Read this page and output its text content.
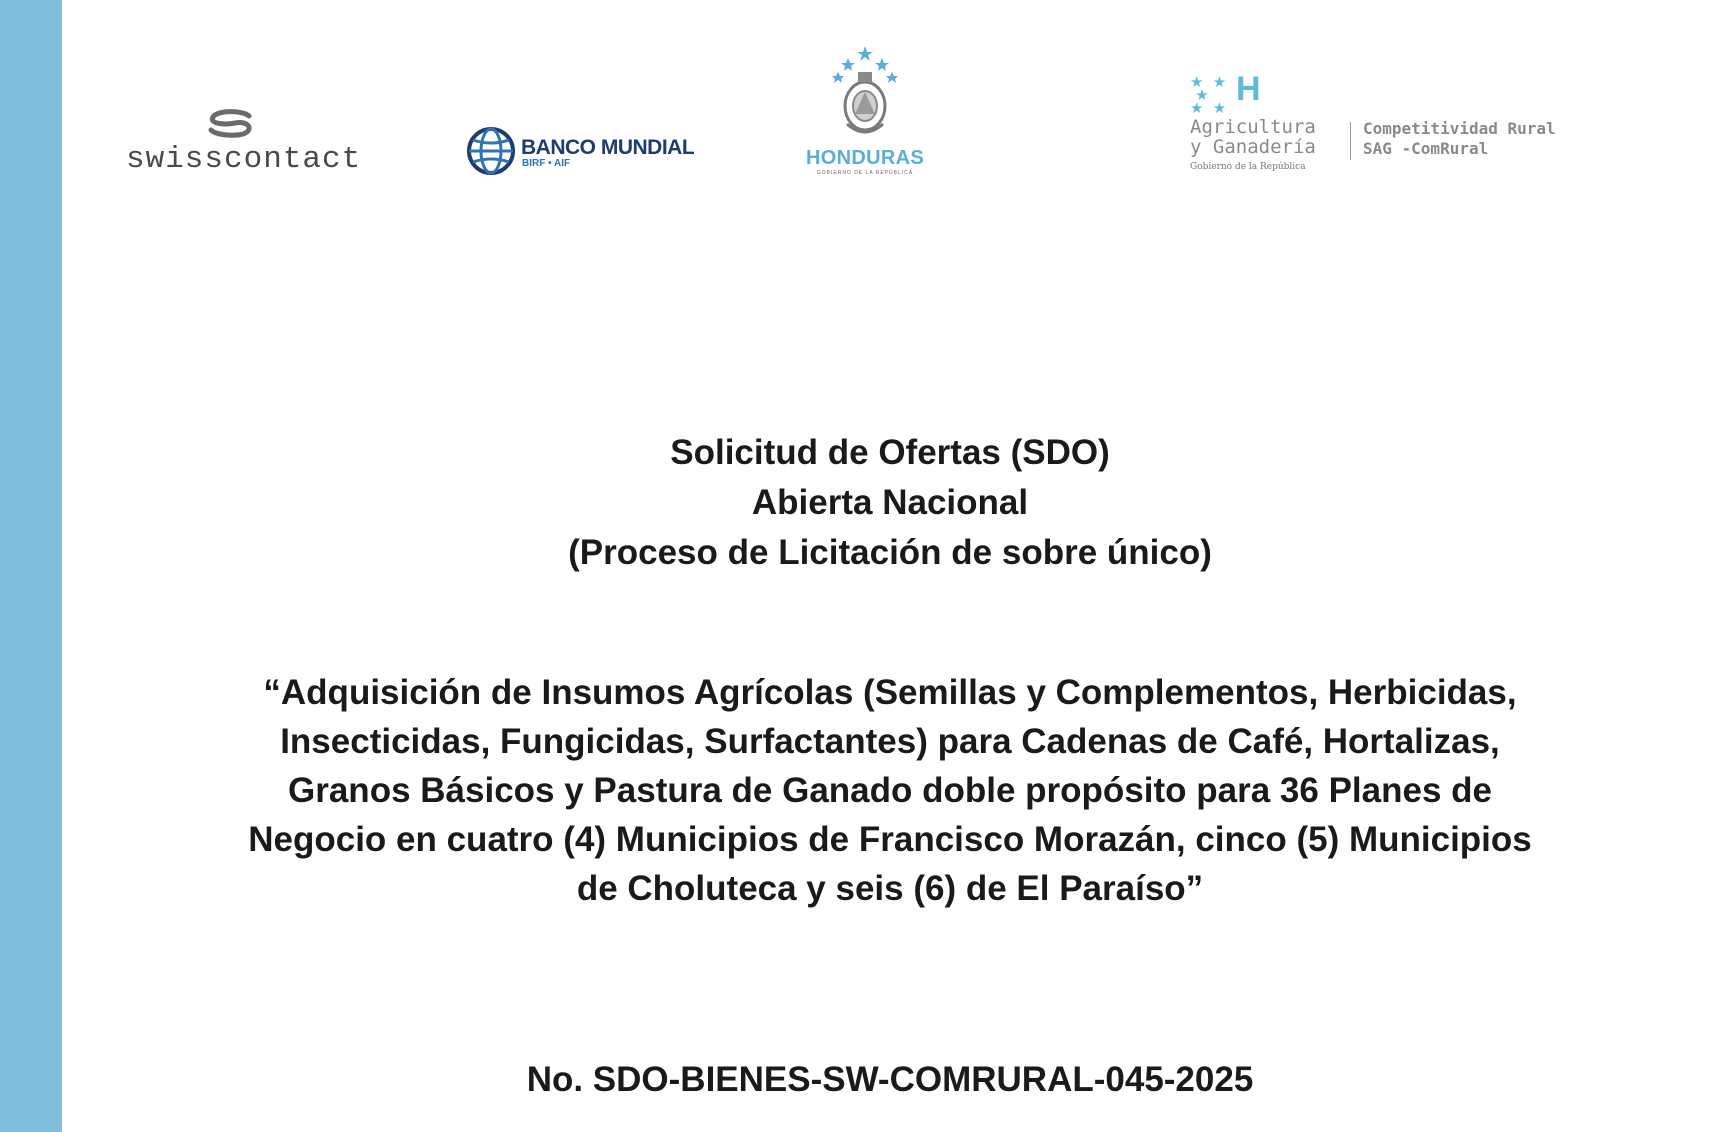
swisscontact	BANCO MUNDIAL
BIRF • AIF	HONDURAS
GOBIERNO DE LA REPÚBLICA
★ ★
 ★
★ ★
H
Agricultura
y Ganadería
Gobierno de la República
Competitividad Rural
SAG -ComRural
Solicitud de Ofertas (SDO)
Abierta Nacional
(Proceso de Licitación de sobre único)
“Adquisición de Insumos Agrícolas (Semillas y Complementos, Herbicidas, Insecticidas, Fungicidas, Surfactantes) para Cadenas de Café, Hortalizas, Granos Básicos y Pastura de Ganado doble propósito para 36 Planes de Negocio en cuatro (4) Municipios de Francisco Morazán, cinco (5) Municipios de Choluteca y seis (6) de El Paraíso”
No. SDO-BIENES-SW-COMRURAL-045-2025
